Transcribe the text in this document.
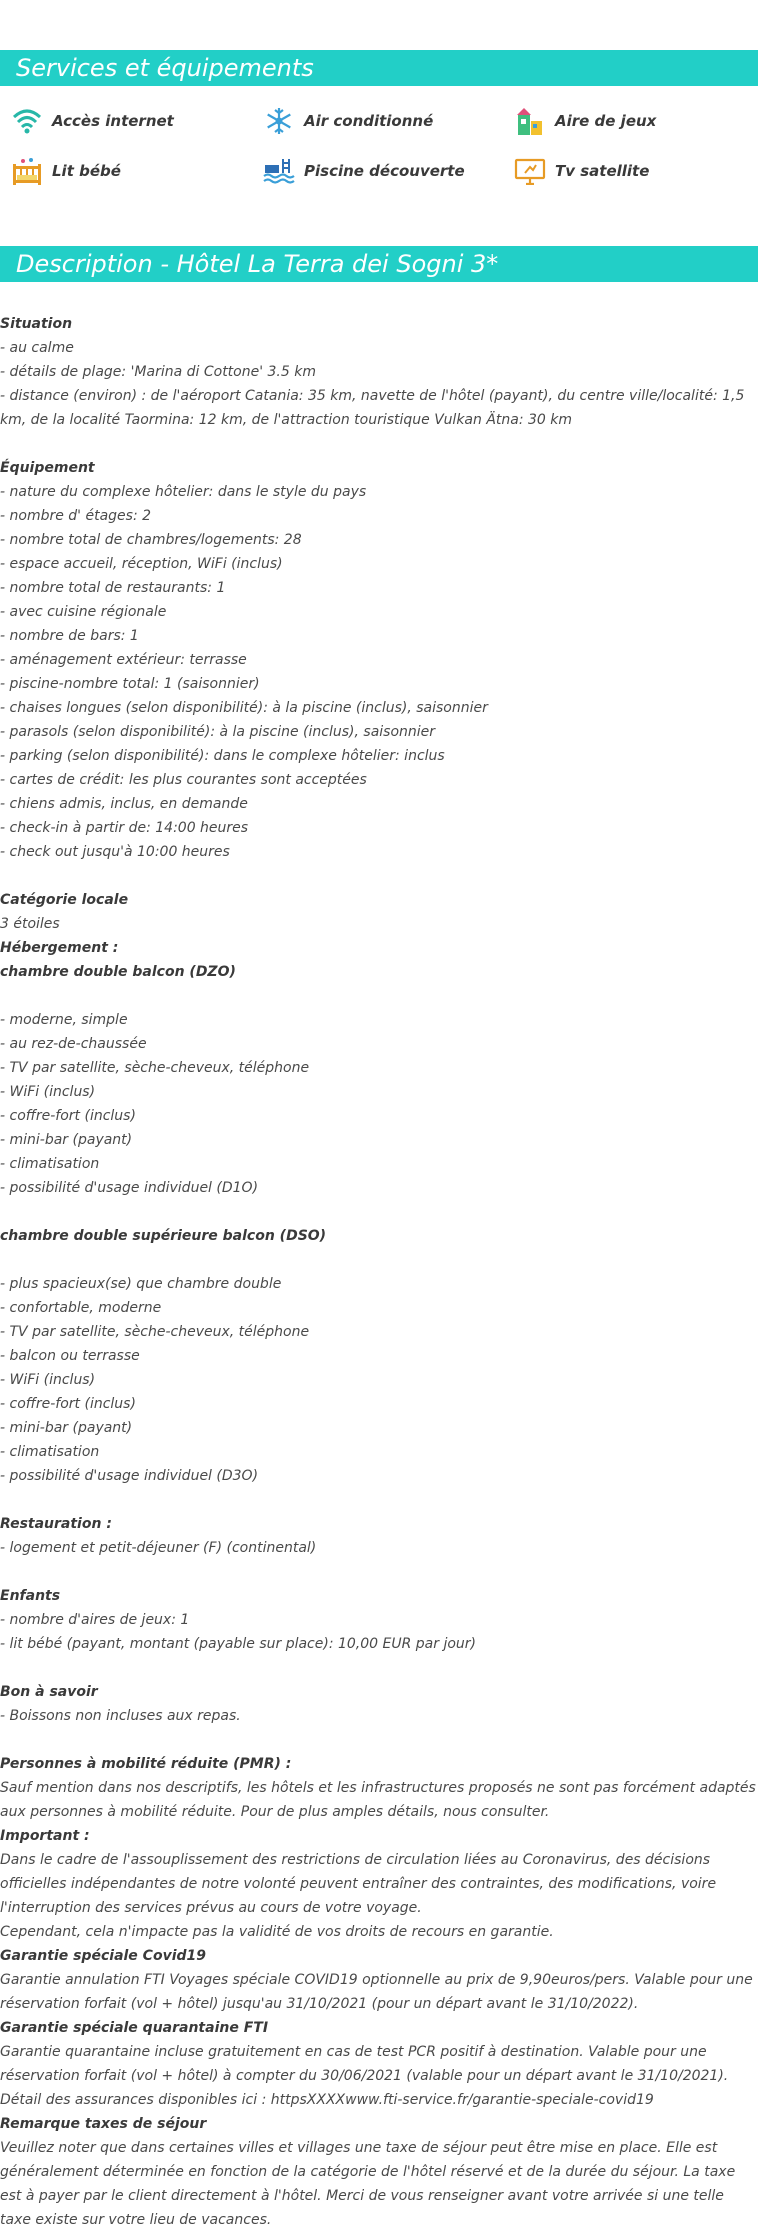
Services et équipements
Accès internet	Air conditionné	Aire de jeux
Lit bébé	Piscine découverte	Tv satellite
Description - Hôtel La Terra dei Sogni 3*
Situation
- au calme
- détails de plage: 'Marina di Cottone' 3.5 km
- distance (environ) : de l'aéroport Catania: 35 km, navette de l'hôtel (payant), du centre ville/localité: 1,5 km, de la localité Taormina: 12 km, de l'attraction touristique Vulkan Ätna: 30 km
Équipement
- nature du complexe hôtelier: dans le style du pays
- nombre d' étages: 2
- nombre total de chambres/logements: 28
- espace accueil, réception, WiFi (inclus)
- nombre total de restaurants: 1
- avec cuisine régionale
- nombre de bars: 1
- aménagement extérieur: terrasse
- piscine-nombre total: 1 (saisonnier)
- chaises longues (selon disponibilité): à la piscine (inclus), saisonnier
- parasols (selon disponibilité): à la piscine (inclus), saisonnier
- parking (selon disponibilité): dans le complexe hôtelier: inclus
- cartes de crédit: les plus courantes sont acceptées
- chiens admis, inclus, en demande
- check-in à partir de: 14:00 heures
- check out jusqu'à 10:00 heures
Catégorie locale
3 étoiles
Hébergement :
chambre double balcon (DZO)
- moderne, simple
- au rez-de-chaussée
- TV par satellite, sèche-cheveux, téléphone
- WiFi (inclus)
- coffre-fort (inclus)
- mini-bar (payant)
- climatisation
- possibilité d'usage individuel (D1O)
chambre double supérieure balcon (DSO)
- plus spacieux(se) que chambre double
- confortable, moderne
- TV par satellite, sèche-cheveux, téléphone
- balcon ou terrasse
- WiFi (inclus)
- coffre-fort (inclus)
- mini-bar (payant)
- climatisation
- possibilité d'usage individuel (D3O)
Restauration :
- logement et petit-déjeuner (F) (continental)
Enfants
- nombre d'aires de jeux: 1
- lit bébé (payant, montant (payable sur place): 10,00 EUR par jour)
Bon à savoir
- Boissons non incluses aux repas.
Personnes à mobilité réduite (PMR) :
Sauf mention dans nos descriptifs, les hôtels et les infrastructures proposés ne sont pas forcément adaptés aux personnes à mobilité réduite. Pour de plus amples détails, nous consulter.
Important :
Dans le cadre de l'assouplissement des restrictions de circulation liées au Coronavirus, des décisions officielles indépendantes de notre volonté peuvent entraîner des contraintes, des modifications, voire l'interruption des services prévus au cours de votre voyage.
Cependant, cela n'impacte pas la validité de vos droits de recours en garantie.
Garantie spéciale Covid19
Garantie annulation FTI Voyages spéciale COVID19 optionnelle au prix de 9,90euros/pers. Valable pour une réservation forfait (vol + hôtel) jusqu'au 31/10/2021 (pour un départ avant le 31/10/2022).
Garantie spéciale quarantaine FTI
Garantie quarantaine incluse gratuitement en cas de test PCR positif à destination. Valable pour une réservation forfait (vol + hôtel) à compter du 30/06/2021 (valable pour un départ avant le 31/10/2021).
Détail des assurances disponibles ici : httpsXXXXwww.fti-service.fr/garantie-speciale-covid19
Remarque taxes de séjour
Veuillez noter que dans certaines villes et villages une taxe de séjour peut être mise en place. Elle est généralement déterminée en fonction de la catégorie de l'hôtel réservé et de la durée du séjour. La taxe est à payer par le client directement à l'hôtel. Merci de vous renseigner avant votre arrivée si une telle taxe existe sur votre lieu de vacances.
